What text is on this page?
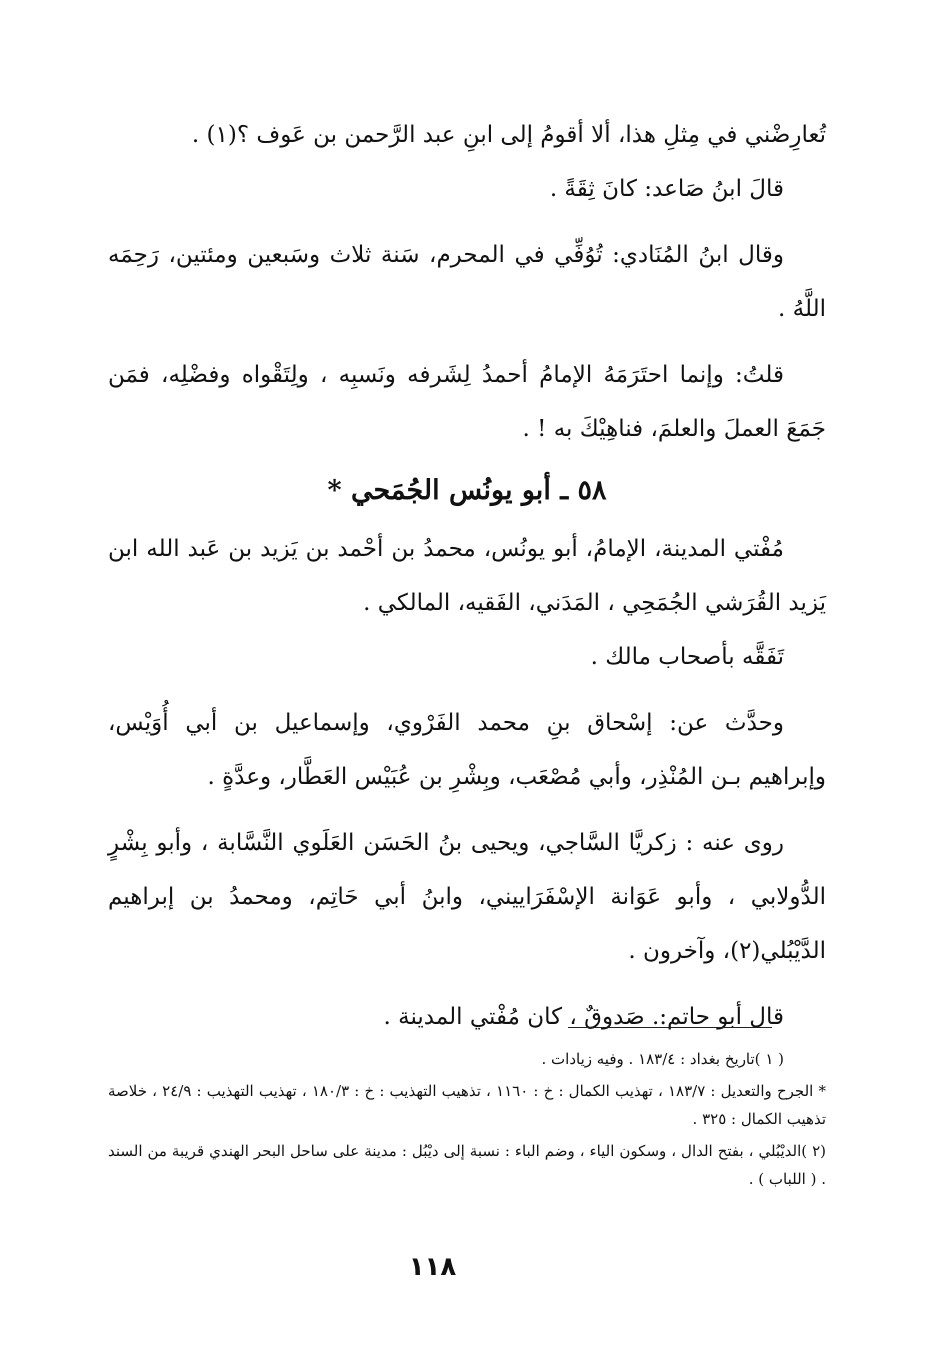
تُعارِضْني في مِثلِ هذا، ألا أقومُ إلى ابنِ عبد الرَّحمن بن عَوف ؟(١) .

قالَ ابنُ صَاعد: كانَ ثِقَةً .

وقال ابنُ المُنَادي: تُوُفِّي في المحرم، سَنة ثلاث وسَبعين ومئتين، رَحِمَه اللَّهُ .

قلتُ: وإنما احتَرَمَهُ الإمامُ أحمدُ لِشَرفه ونَسبِه ، ولِتَقْواه وفضْلِه، فمَن جَمَعَ العملَ والعلمَ، فناهِيْكَ به ! .

٥٨ ـ أبو يونُس الجُمَحي *

مُفْتي المدينة، الإمامُ، أبو يونُس، محمدُ بن أحْمد بن يَزيد بن عَبد الله ابن يَزيد القُرَشي الجُمَحِي ، المَدَني، الفَقيه، المالكي .

تَفَقَّه بأصحاب مالك .

وحدَّث عن: إسْحاق بنِ محمد الفَرْوي، وإسماعيل بن أبي أُوَيْس، وإبراهيم بـن المُنْذِر، وأبي مُصْعَب، وبِشْرِ بن عُبَيْس العَطَّار، وعدَّةٍ .

روى عنه : زكريَّا السَّاجي، ويحيى بنُ الحَسَن العَلَوي النَّسَّابة ، وأبو بِشْرٍ الدُّولابي ، وأبو عَوَانة الإسْفَرَاييني، وابنُ أبي حَاتِم، ومحمدُ بن إبراهيم الدَّيْبُلي(٢)، وآخرون .

قال أبو حاتم:. صَدوقٌ ، كان مُفْتي المدينة .

( ١ )تاريخ بغداد : ١٨٣/٤ . وفيه زيادات .

* الجرح والتعديل : ١٨٣/٧ ، تهذيب الكمال : خ : ١١٦٠ ، تذهيب التهذيب : خ : ١٨٠/٣ ، تهذيب التهذيب : ٢٤/٩ ، خلاصة تذهيب الكمال : ٣٢٥ .

(٢ )الديْبُلي ، بفتح الدال ، وسكون الياء ، وضم الباء : نسبة إلى ديْبُل : مدينة على ساحل البحر الهندي قريبة من السند . ( اللباب ) .

١١٨
